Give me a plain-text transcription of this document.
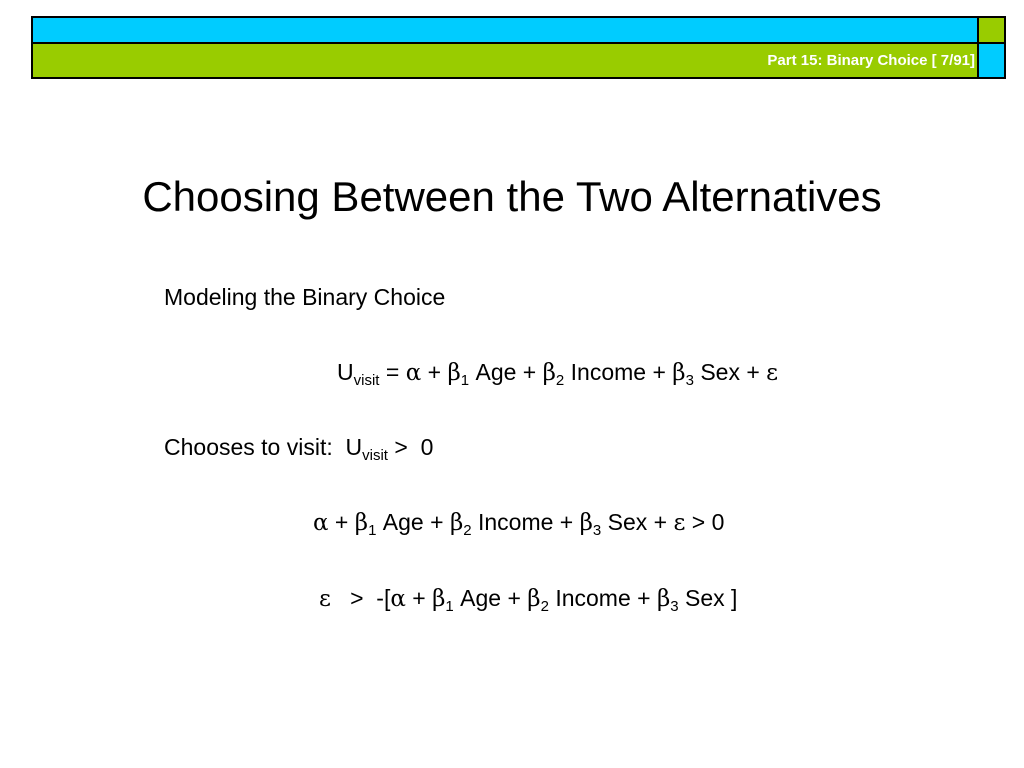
Part 15: Binary Choice [ 7/91]
Choosing Between the Two Alternatives
Modeling the Binary Choice
$U_{visit} = \alpha + \beta_1$ Age + $\beta_2$ Income + $\beta_3$ Sex + ε
Chooses to visit:  $U_{visit} > 0$
$\alpha + \beta_1$ Age + $\beta_2$ Income + $\beta_3$ Sex + ε > 0
$\varepsilon > -[\alpha + \beta_1$ Age + $\beta_2$ Income + $\beta_3$ Sex ]
